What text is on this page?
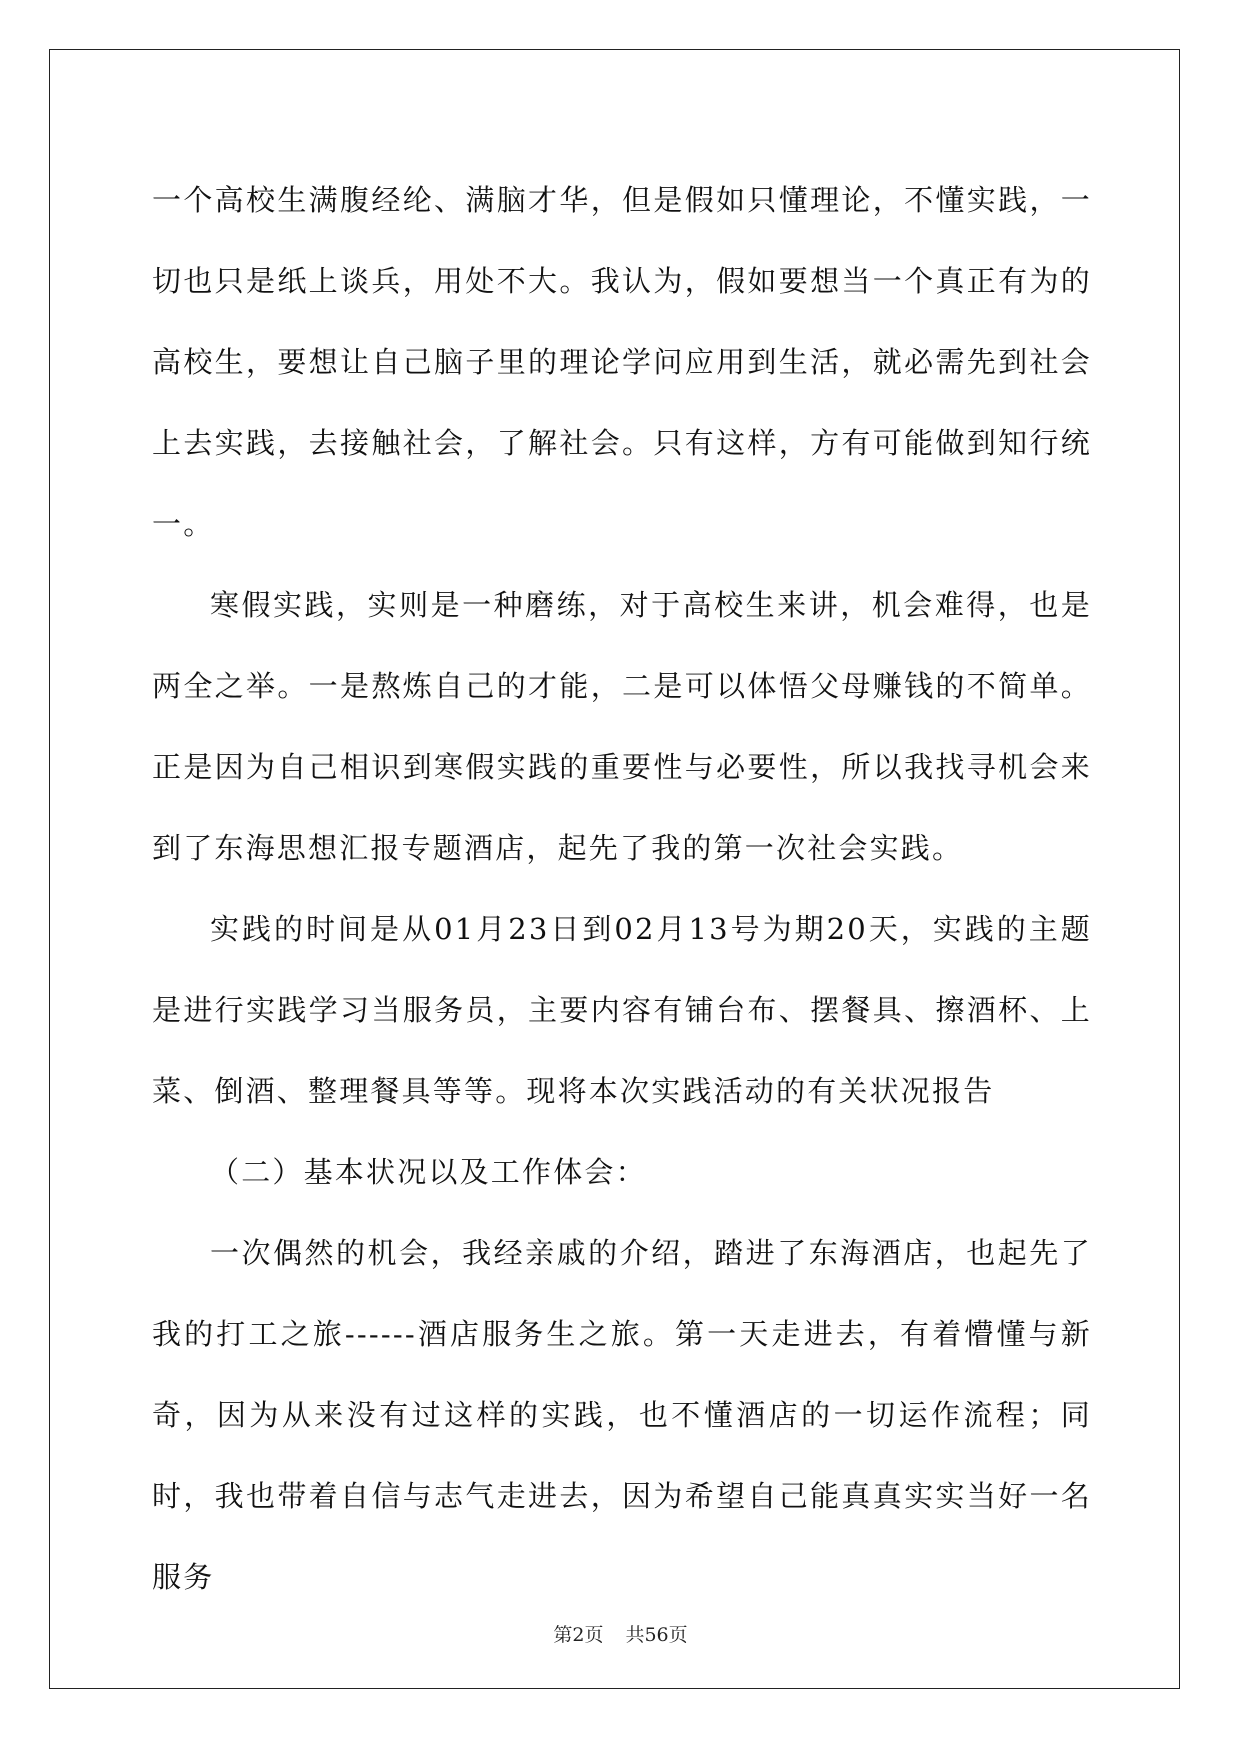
一个高校生满腹经纶、满脑才华，但是假如只懂理论，不懂实践，一切也只是纸上谈兵，用处不大。我认为，假如要想当一个真正有为的高校生，要想让自己脑子里的理论学问应用到生活，就必需先到社会上去实践，去接触社会，了解社会。只有这样，方有可能做到知行统一。

寒假实践，实则是一种磨练，对于高校生来讲，机会难得，也是两全之举。一是熬炼自己的才能，二是可以体悟父母赚钱的不简单。正是因为自己相识到寒假实践的重要性与必要性，所以我找寻机会来到了东海思想汇报专题酒店，起先了我的第一次社会实践。

实践的时间是从01月23日到02月13号为期20天，实践的主题是进行实践学习当服务员，主要内容有铺台布、摆餐具、擦酒杯、上菜、倒酒、整理餐具等等。现将本次实践活动的有关状况报告

（二）基本状况以及工作体会：

一次偶然的机会，我经亲戚的介绍，踏进了东海酒店，也起先了我的打工之旅------酒店服务生之旅。第一天走进去，有着懵懂与新奇，因为从来没有过这样的实践，也不懂酒店的一切运作流程；同时，我也带着自信与志气走进去，因为希望自己能真真实实当好一名服务

第2页 共56页
